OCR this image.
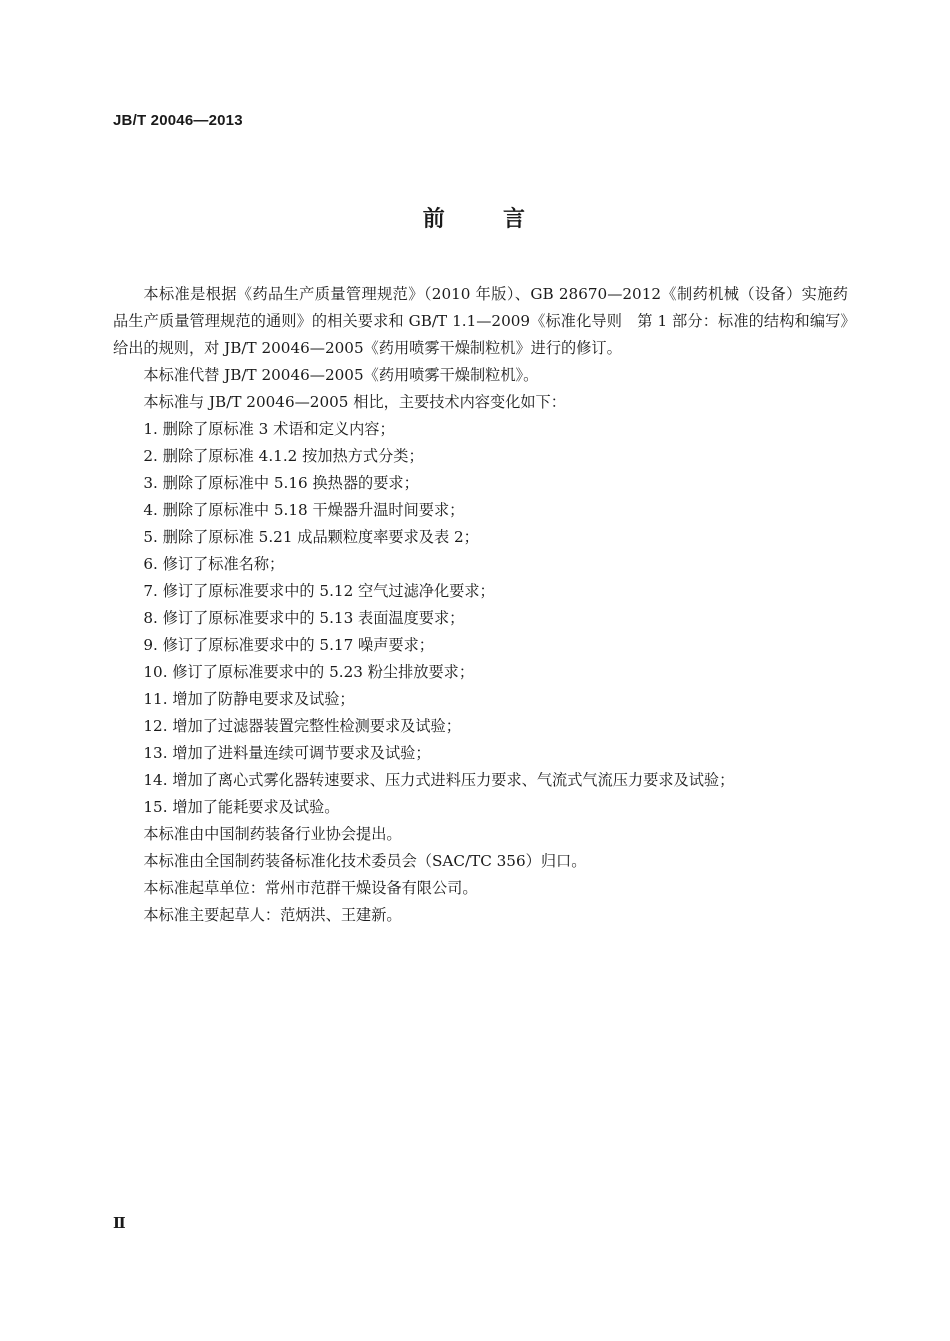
JB/T 20046—2013
前	言

本标准是根据《药品生产质量管理规范》（2010 年版）、GB 28670—2012《制药机械（设备）实施药品生产质量管理规范的通则》的相关要求和 GB/T 1.1—2009《标准化导则　第 1 部分：标准的结构和编写》给出的规则，对 JB/T 20046—2005《药用喷雾干燥制粒机》进行的修订。

本标准代替 JB/T 20046—2005《药用喷雾干燥制粒机》。

本标准与 JB/T 20046—2005 相比，主要技术内容变化如下：

1. 删除了原标准 3 术语和定义内容；

2. 删除了原标准 4.1.2 按加热方式分类；

3. 删除了原标准中 5.16 换热器的要求；

4. 删除了原标准中 5.18 干燥器升温时间要求；

5. 删除了原标准 5.21 成品颗粒度率要求及表 2；

6. 修订了标准名称；

7. 修订了原标准要求中的 5.12 空气过滤净化要求；

8. 修订了原标准要求中的 5.13 表面温度要求；

9. 修订了原标准要求中的 5.17 噪声要求；

10. 修订了原标准要求中的 5.23 粉尘排放要求；

11. 增加了防静电要求及试验；

12. 增加了过滤器装置完整性检测要求及试验；

13. 增加了进料量连续可调节要求及试验；

14. 增加了离心式雾化器转速要求、压力式进料压力要求、气流式气流压力要求及试验；

15. 增加了能耗要求及试验。

本标准由中国制药装备行业协会提出。

本标准由全国制药装备标准化技术委员会（SAC/TC 356）归口。

本标准起草单位：常州市范群干燥设备有限公司。

本标准主要起草人：范炳洪、王建新。

Ⅱ
